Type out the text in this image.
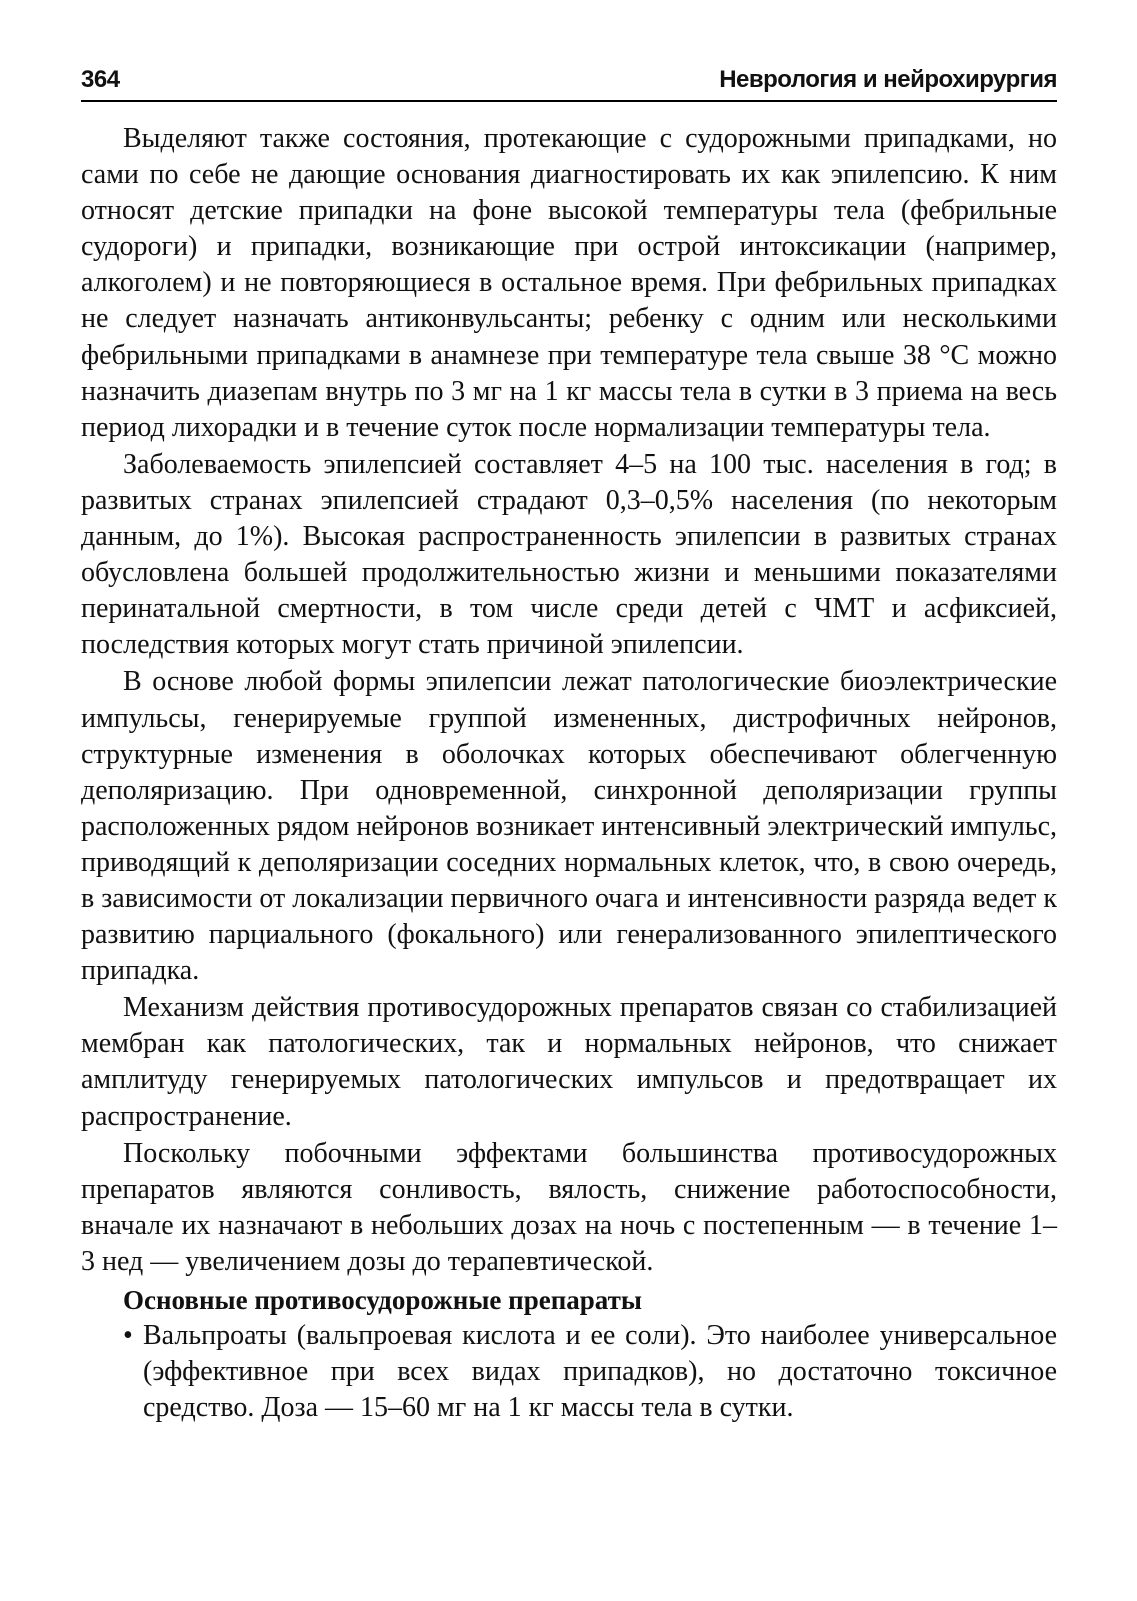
364	Неврология и нейрохирургия

Выделяют также состояния, протекающие с судорожными припадками, но сами по себе не дающие основания диагностировать их как эпилепсию. К ним относят детские припадки на фоне высокой температуры тела (фебрильные судороги) и припадки, возникающие при острой интоксикации (например, алкоголем) и не повторяющиеся в остальное время. При фебрильных припадках не следует назначать антиконвульсанты; ребенку с одним или несколькими фебрильными припадками в анамнезе при температуре тела свыше 38 °С можно назначить диазепам внутрь по 3 мг на 1 кг массы тела в сутки в 3 приема на весь период лихорадки и в течение суток после нормализации температуры тела.

Заболеваемость эпилепсией составляет 4–5 на 100 тыс. населения в год; в развитых странах эпилепсией страдают 0,3–0,5% населения (по некоторым данным, до 1%). Высокая распространенность эпилепсии в развитых странах обусловлена большей продолжительностью жизни и меньшими показателями перинатальной смертности, в том числе среди детей с ЧМТ и асфиксией, последствия которых могут стать причиной эпилепсии.

В основе любой формы эпилепсии лежат патологические биоэлектрические импульсы, генерируемые группой измененных, дистрофичных нейронов, структурные изменения в оболочках которых обеспечивают облегченную деполяризацию. При одновременной, синхронной деполяризации группы расположенных рядом нейронов возникает интенсивный электрический импульс, приводящий к деполяризации соседних нормальных клеток, что, в свою очередь, в зависимости от локализации первичного очага и интенсивности разряда ведет к развитию парциального (фокального) или генерализованного эпилептического припадка.

Механизм действия противосудорожных препаратов связан со стабилизацией мембран как патологических, так и нормальных нейронов, что снижает амплитуду генерируемых патологических импульсов и предотвращает их распространение.

Поскольку побочными эффектами большинства противосудорожных препаратов являются сонливость, вялость, снижение работоспособности, вначале их назначают в небольших дозах на ночь с постепенным — в течение 1–3 нед — увеличением дозы до терапевтической.

Основные противосудорожные препараты
• Вальпроаты (вальпроевая кислота и ее соли). Это наиболее универсальное (эффективное при всех видах припадков), но достаточно токсичное средство. Доза — 15–60 мг на 1 кг массы тела в сутки.
